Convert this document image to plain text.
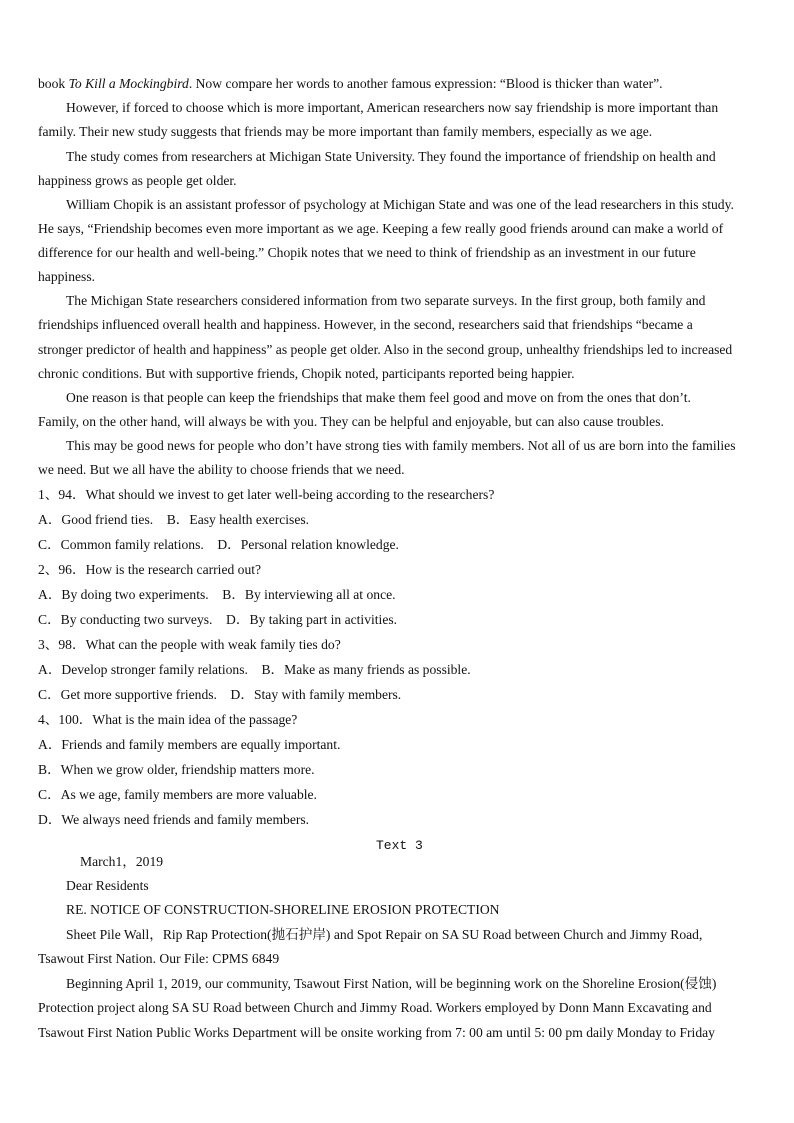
book To Kill a Mockingbird. Now compare her words to another famous expression: “Blood is thicker than water”.
However, if forced to choose which is more important, American researchers now say friendship is more important than
family. Their new study suggests that friends may be more important than family members, especially as we age.
The study comes from researchers at Michigan State University. They found the importance of friendship on health and
happiness grows as people get older.
William Chopik is an assistant professor of psychology at Michigan State and was one of the lead researchers in this study.
He says, “Friendship becomes even more important as we age. Keeping a few really good friends around can make a world of
difference for our health and well-being.” Chopik notes that we need to think of friendship as an investment in our future
happiness.
The Michigan State researchers considered information from two separate surveys. In the first group, both family and
friendships influenced overall health and happiness. However, in the second, researchers said that friendships “became a
stronger predictor of health and happiness” as people get older. Also in the second group, unhealthy friendships led to increased
chronic conditions. But with supportive friends, Chopik noted, participants reported being happier.
One reason is that people can keep the friendships that make them feel good and move on from the ones that don’t.
Family, on the other hand, will always be with you. They can be helpful and enjoyable, but can also cause troubles.
This may be good news for people who don’t have strong ties with family members. Not all of us are born into the families
we need. But we all have the ability to choose friends that we need.
1、94．What should we invest to get later well-being according to the researchers?
A．Good friend ties.　B．Easy health exercises.
C．Common family relations.　D．Personal relation knowledge.
2、96．How is the research carried out?
A．By doing two experiments.　B．By interviewing all at once.
C．By conducting two surveys.　D．By taking part in activities.
3、98．What can the people with weak family ties do?
A．Develop stronger family relations.　B．Make as many friends as possible.
C．Get more supportive friends.　D．Stay with family members.
4、100．What is the main idea of the passage?
A．Friends and family members are equally important.
B．When we grow older, friendship matters more.
C．As we age, family members are more valuable.
D．We always need friends and family members.
Text 3
March1，2019
Dear Residents
RE. NOTICE OF CONSTRUCTION-SHORELINE EROSION PROTECTION
Sheet Pile Wall，Rip Rap Protection(抛石护岸) and Spot Repair on SA SU Road between Church and Jimmy Road,
Tsawout First Nation. Our File: CPMS 6849
Beginning April 1, 2019, our community, Tsawout First Nation, will be beginning work on the Shoreline Erosion(侵蚀)
Protection project along SA SU Road between Church and Jimmy Road. Workers employed by Donn Mann Excavating and
Tsawout First Nation Public Works Department will be onsite working from 7: 00 am until 5: 00 pm daily Monday to Friday
